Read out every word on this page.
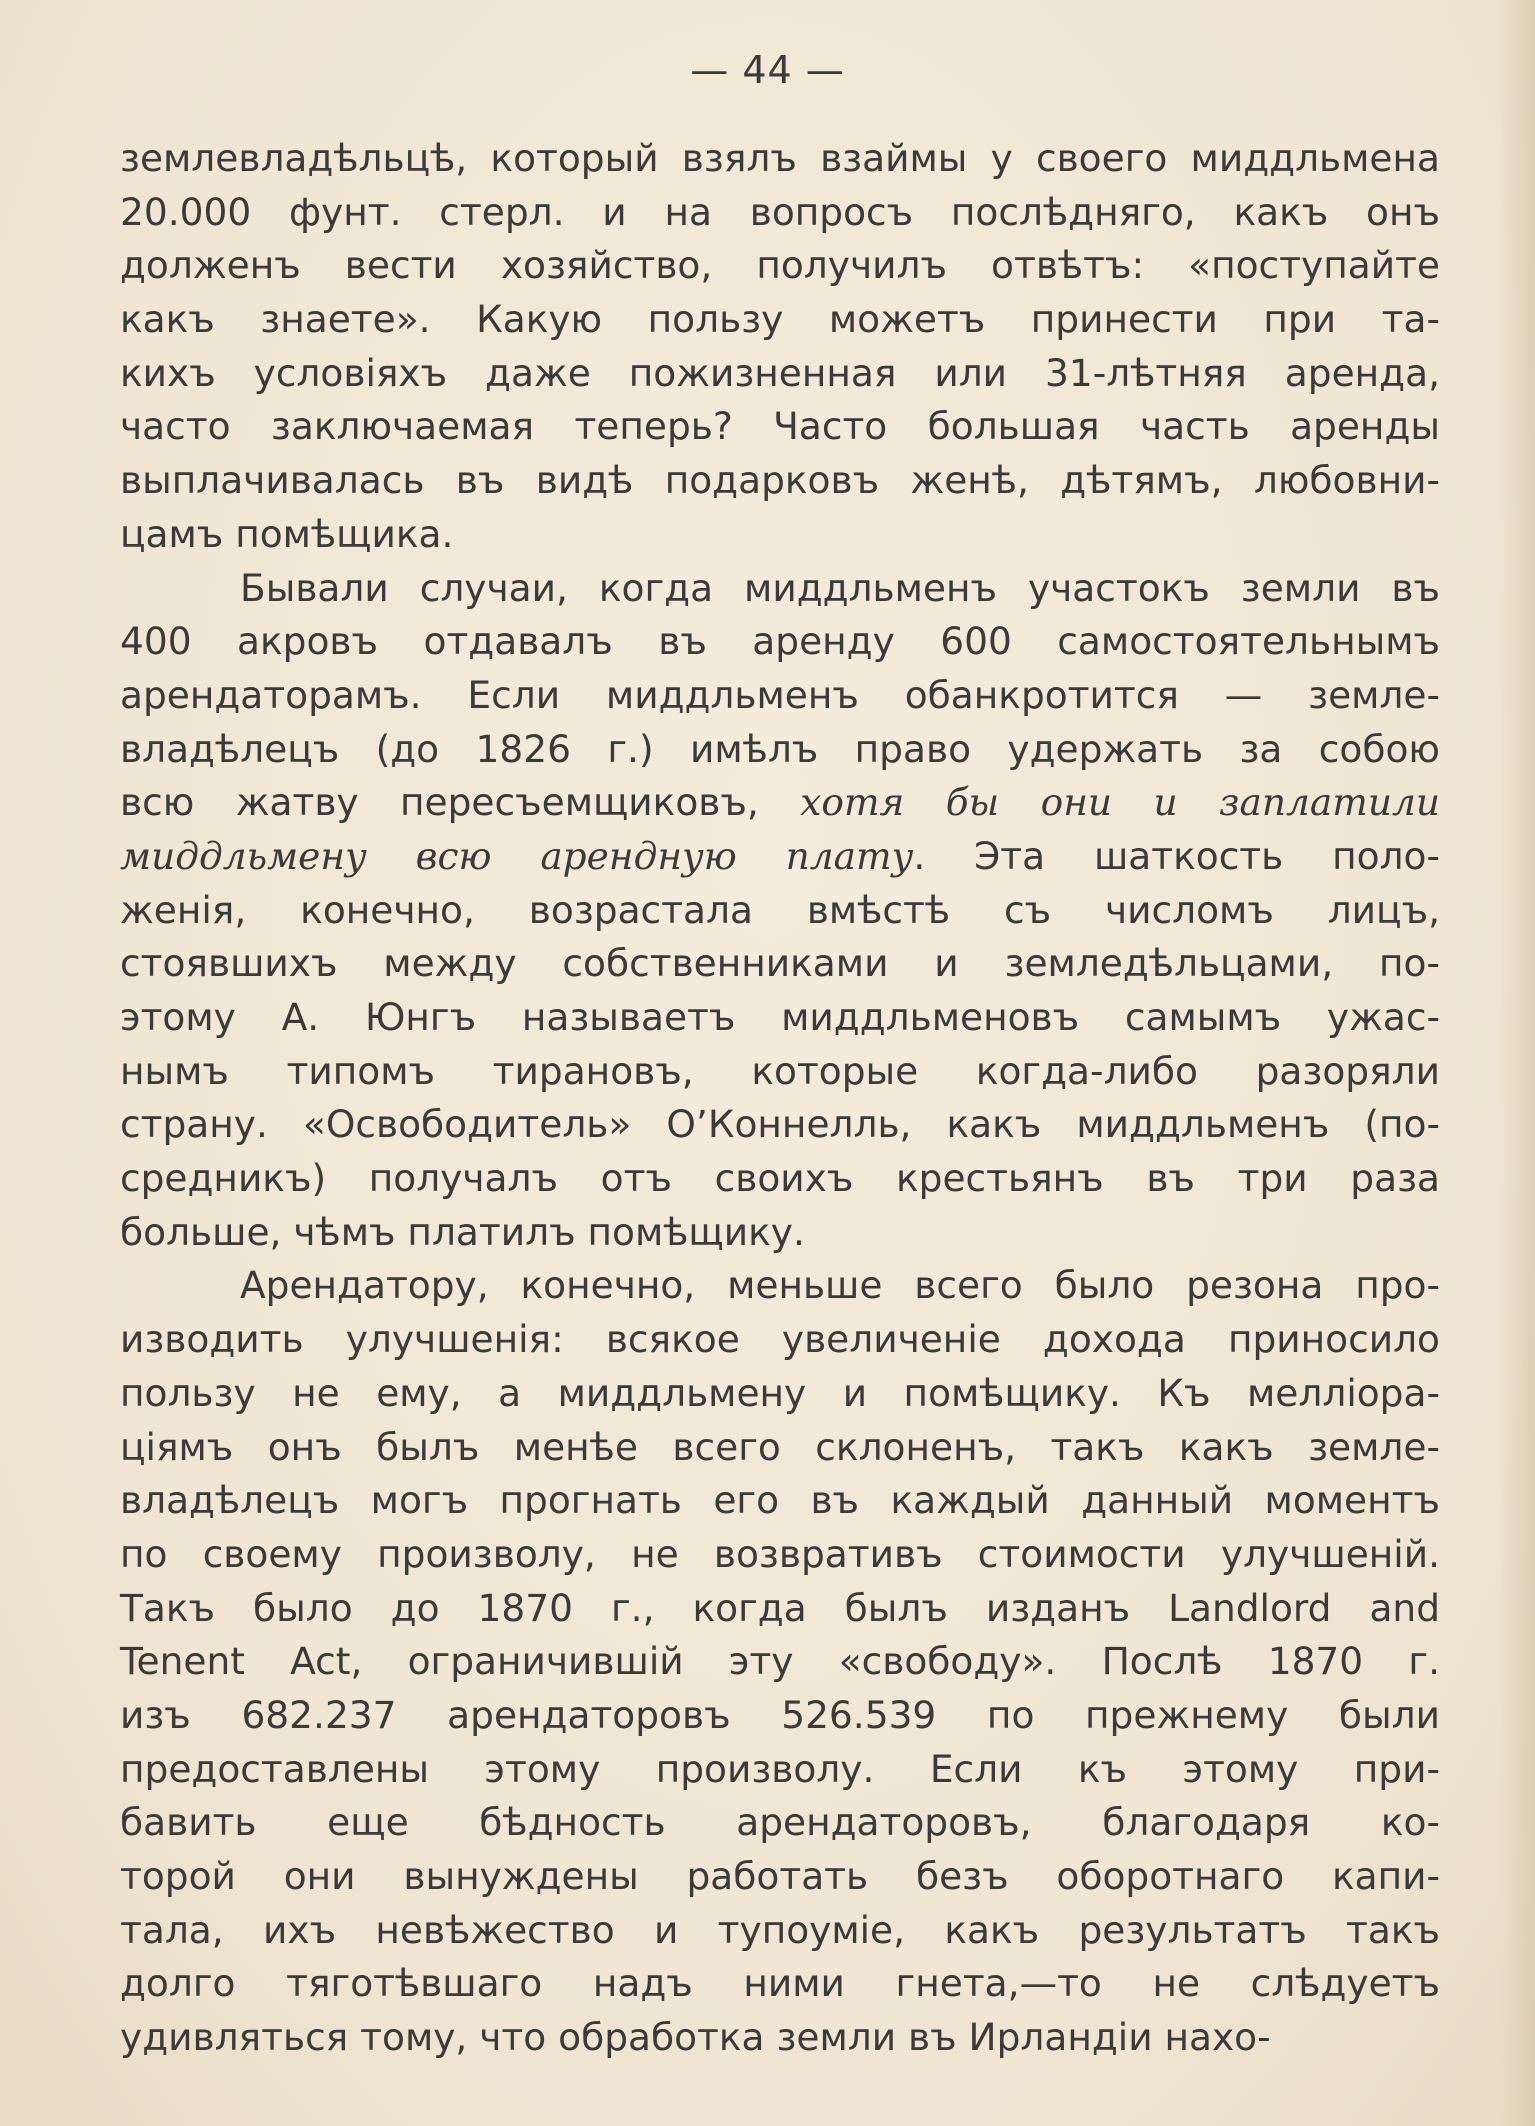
— 44 —
землевладѣльцѣ, который взялъ взаймы у своего миддльмена
20.000 фунт. стерл. и на вопросъ послѣдняго, какъ онъ
долженъ вести хозяйство, получилъ отвѣтъ: «поступайте
какъ знаете». Какую пользу можетъ принести при та-
кихъ условіяхъ даже пожизненная или 31-лѣтняя аренда,
часто заключаемая теперь? Часто большая часть аренды
выплачивалась въ видѣ подарковъ женѣ, дѣтямъ, любовни-
цамъ помѣщика.
Бывали случаи, когда миддльменъ участокъ земли въ
400 акровъ отдавалъ въ аренду 600 самостоятельнымъ
арендаторамъ. Если миддльменъ обанкротится — земле-
владѣлецъ (до 1826 г.) имѣлъ право удержать за собою
всю жатву пересъемщиковъ, хотя бы они и заплатили
миддльмену всю арендную плату. Эта шаткость поло-
женія, конечно, возрастала вмѣстѣ съ числомъ лицъ,
стоявшихъ между собственниками и земледѣльцами, по-
этому А. Юнгъ называетъ миддльменовъ самымъ ужас-
нымъ типомъ тирановъ, которые когда-либо разоряли
страну. «Освободитель» О’Коннелль, какъ миддльменъ (по-
средникъ) получалъ отъ своихъ крестьянъ въ три раза
больше, чѣмъ платилъ помѣщику.
Арендатору, конечно, меньше всего было резона про-
изводить улучшенія: всякое увеличеніе дохода приносило
пользу не ему, а миддльмену и помѣщику. Къ мелліора-
ціямъ онъ былъ менѣе всего склоненъ, такъ какъ земле-
владѣлецъ могъ прогнать его въ каждый данный моментъ
по своему произволу, не возвративъ стоимости улучшеній.
Такъ было до 1870 г., когда былъ изданъ Landlord and
Tenent Act, ограничившій эту «свободу». Послѣ 1870 г.
изъ 682.237 арендаторовъ 526.539 по прежнему были
предоставлены этому произволу. Если къ этому при-
бавить еще бѣдность арендаторовъ, благодаря ко-
торой они вынуждены работать безъ оборотнаго капи-
тала, ихъ невѣжество и тупоуміе, какъ результатъ такъ
долго тяготѣвшаго надъ ними гнета,—то не слѣдуетъ
удивляться тому, что обработка земли въ Ирландіи нахо-
